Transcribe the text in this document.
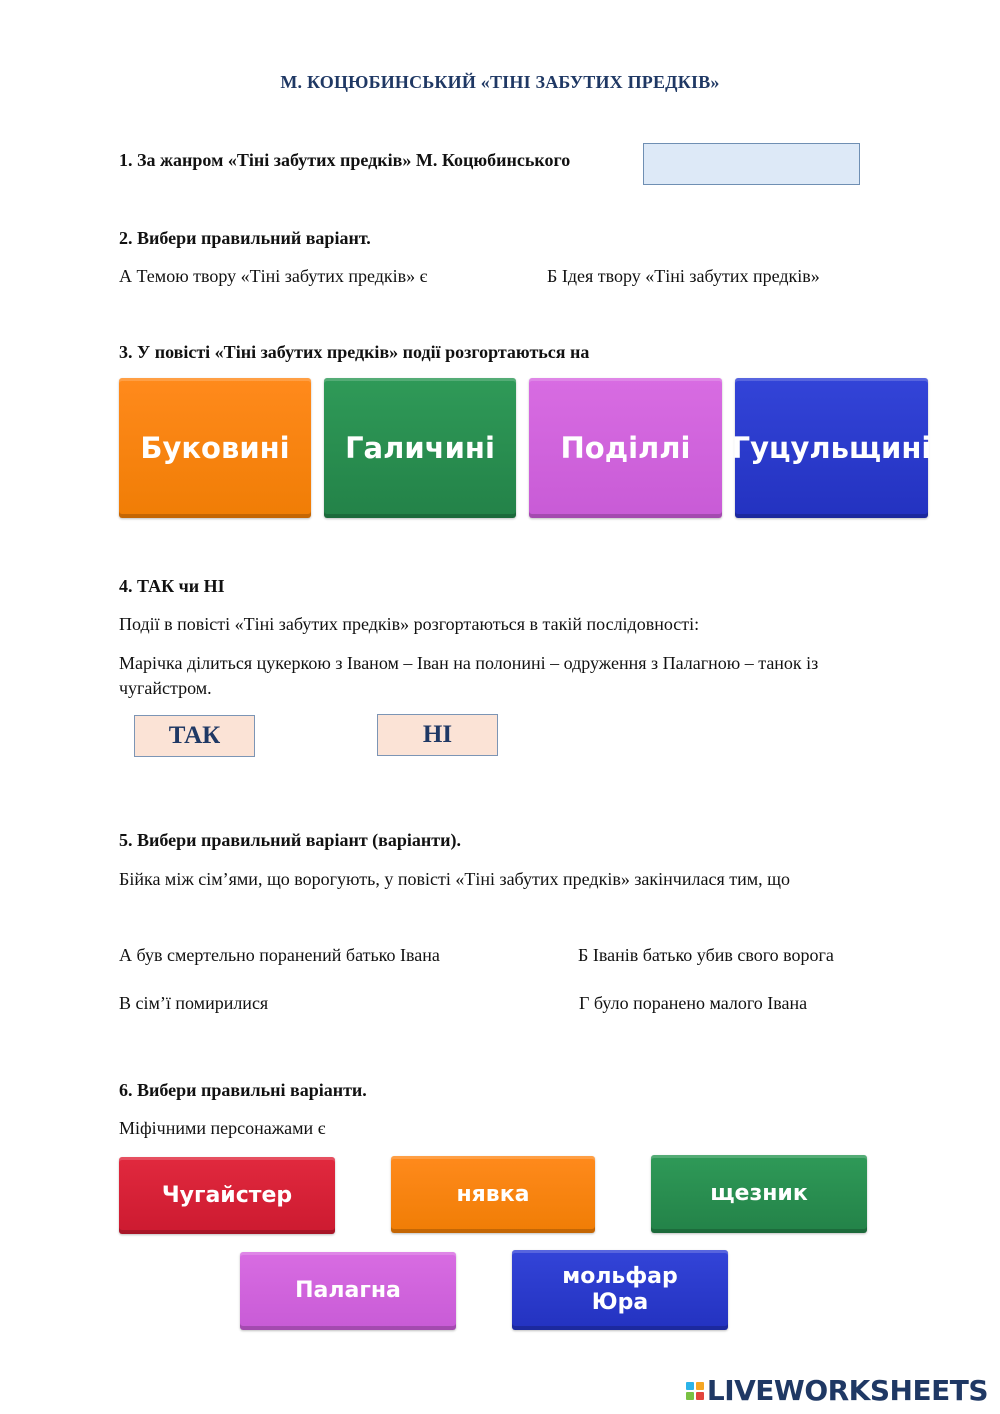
М. КОЦЮБИНСЬКИЙ «ТІНІ ЗАБУТИХ ПРЕДКІВ»
1. За жанром «Тіні забутих предків» М. Коцюбинського
2. Вибери правильний варіант.
А Темою твору «Тіні забутих предків» є	Б Ідея твору «Тіні забутих предків»
3. У повісті «Тіні забутих предків» події розгортаються на
Буковині	Галичині	Поділлі	Гуцульщині
4. ТАК чи НІ
Події в повісті «Тіні забутих предків» розгортаються в такій послідовності:
Марічка ділиться цукеркою з Іваном – Іван на полонині – одруження з Палагною – танок із
чугайстром.
ТАК	НІ
5. Вибери правильний варіант (варіанти).
Бійка між сім’ями, що ворогують, у повісті «Тіні забутих предків» закінчилася тим, що
А був смертельно поранений батько Івана	Б Іванів батько убив свого ворога
В сім’ї помирилися	Г було поранено малого Івана
6. Вибери правильні варіанти.
Міфічними персонажами є
Чугайстер	нявка	щезник
Палагна
мольфар Юра
LIVEWORKSHEETS
